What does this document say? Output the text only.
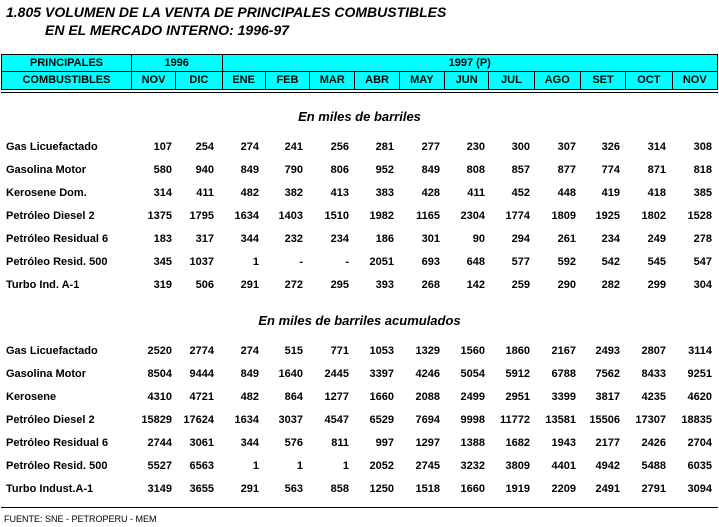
1.805 VOLUMEN DE LA VENTA DE PRINCIPALES COMBUSTIBLES
EN EL MERCADO INTERNO: 1996-97
PRINCIPALES	1996		1997 (P)										
COMBUSTIBLES	NOV	DIC	ENE	FEB	MAR	ABR	MAY	JUN	JUL	AGO	SET	OCT	NOV
En miles de barriles
Gas Licuefactado	107 254 274 241	256 281	277 230 300	307 326	314	308
Gasolina Motor	580 940 849 790	806 952	849 808 857	877 774	871	818
Kerosene Dom.	314 411 482 382	413 383	428 411 452	448 419	418	385
Petróleo Diesel 2	1375 1795 1634 1403 1510 1982 1165 2304 1774 1809 1925 1802 1528
Petróleo Residual 6	183 317 344 232	234 186	301	90 294	261 234	249	278
Petróleo Resid. 500	345 1037	1	-	- 2051	693 648 577	592 542	545	547
Turbo Ind. A-1	319 506 291 272	295 393	268 142 259	290 282	299	304
En miles de barriles acumulados
Gas Licuefactado	2520 2774 274 515	771 1053 1329 1560 1860 2167 2493 2807 3114
Gasolina Motor	8504 9444 849 1640 2445 3397 4246 5054 5912 6788 7562 8433 9251
Kerosene	4310 4721 482 864 1277 1660 2088 2499 2951 3399 3817 4235 4620
Petróleo Diesel 2	15829 17624 1634 3037 4547 6529 7694 9998 11772 13581 15506 17307 18835
Petróleo Residual 6	2744 3061 344 576	811 997 1297 1388 1682 1943 2177 2426 2704
Petróleo Resid. 500	5527 6563	1	1	1 2052 2745 3232 3809 4401 4942 5488 6035
Turbo Indust.A-1	3149 3655 291 563	858 1250 1518 1660 1919 2209 2491 2791 3094
FUENTE: SNE - PETROPERU - MEM
